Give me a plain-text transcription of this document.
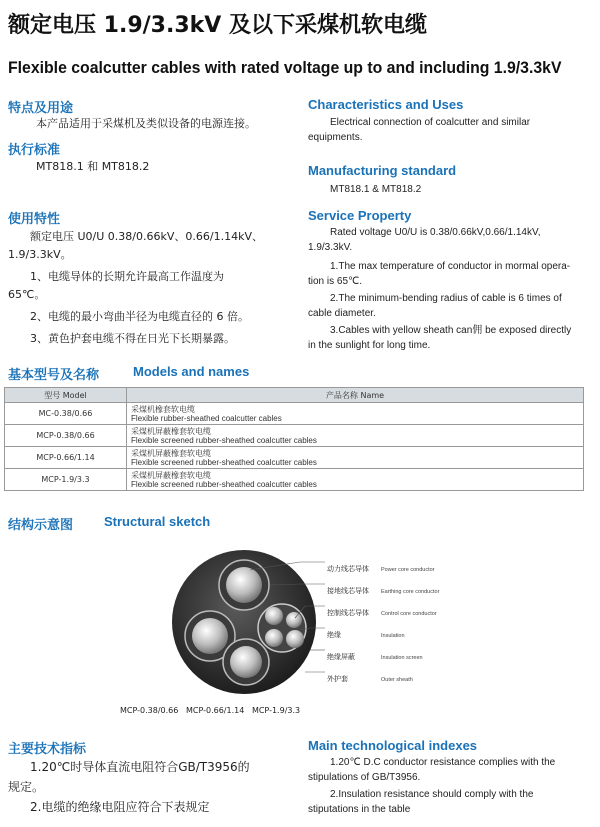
额定电压 1.9/3.3kV 及以下采煤机软电缆
Flexible coalcutter cables with rated voltage up to and including 1.9/3.3kV
特点及用途
本产品适用于采煤机及类似设备的电源连接。
执行标准
MT818.1 和 MT818.2
使用特性
额定电压 U0/U 0.38/0.66kV、0.66/1.14kV、
1.9/3.3kV。
1、电缆导体的长期允许最高工作温度为
65℃。
2、电缆的最小弯曲半径为电缆直径的 6 倍。
3、黄色护套电缆不得在日光下长期暴露。
Characteristics and Uses
Electrical connection of coalcutter and similar equipments.
Manufacturing standard
MT818.1 & MT818.2
Service Property
Rated voltage U0/U is 0.38/0.66kV,0.66/1.14kV,
1.9/3.3kV.
1.The max temperature of conductor in mormal opera-
tion is 65℃.
2.The minimum-bending radius of cable is 6 times of
cable diameter.
3.Cables with yellow sheath can佣 be exposed directly
in the sunlight for long time.
基本型号及名称	Models and names
型号 Model	产品名称 Name
MC-0.38/0.66	采煤机橡套软电缆
Flexible rubber-sheathed coalcutter cables

MCP-0.38/0.66	采煤机屏蔽橡套软电缆
Flexible screened rubber-sheathed coalcutter cables

MCP-0.66/1.14	采煤机屏蔽橡套软电缆
Flexible screened rubber-sheathed coalcutter cables

MCP-1.9/3.3	采煤机屏蔽橡套软电缆
Flexible screened rubber-sheathed coalcutter cables
结构示意图 Structural sketch
动力线芯导体 Power core conductor
接地线芯导体 Earthing core conductor
控制线芯导体 Control core conductor
绝缘	Insulation
绝缘屏蔽	Insulation screen
外护套	Outer sheath
MCP-0.38/0.66   MCP-0.66/1.14   MCP-1.9/3.3
主要技术指标
1.20℃时导体直流电阻符合GB/T3956的
规定。
2.电缆的绝缘电阻应符合下表规定
Main technological indexes
1.20℃ D.C conductor resistance complies with the
stipulations of GB/T3956.
2.Insulation resistance should comply with the
stiputations in the table
